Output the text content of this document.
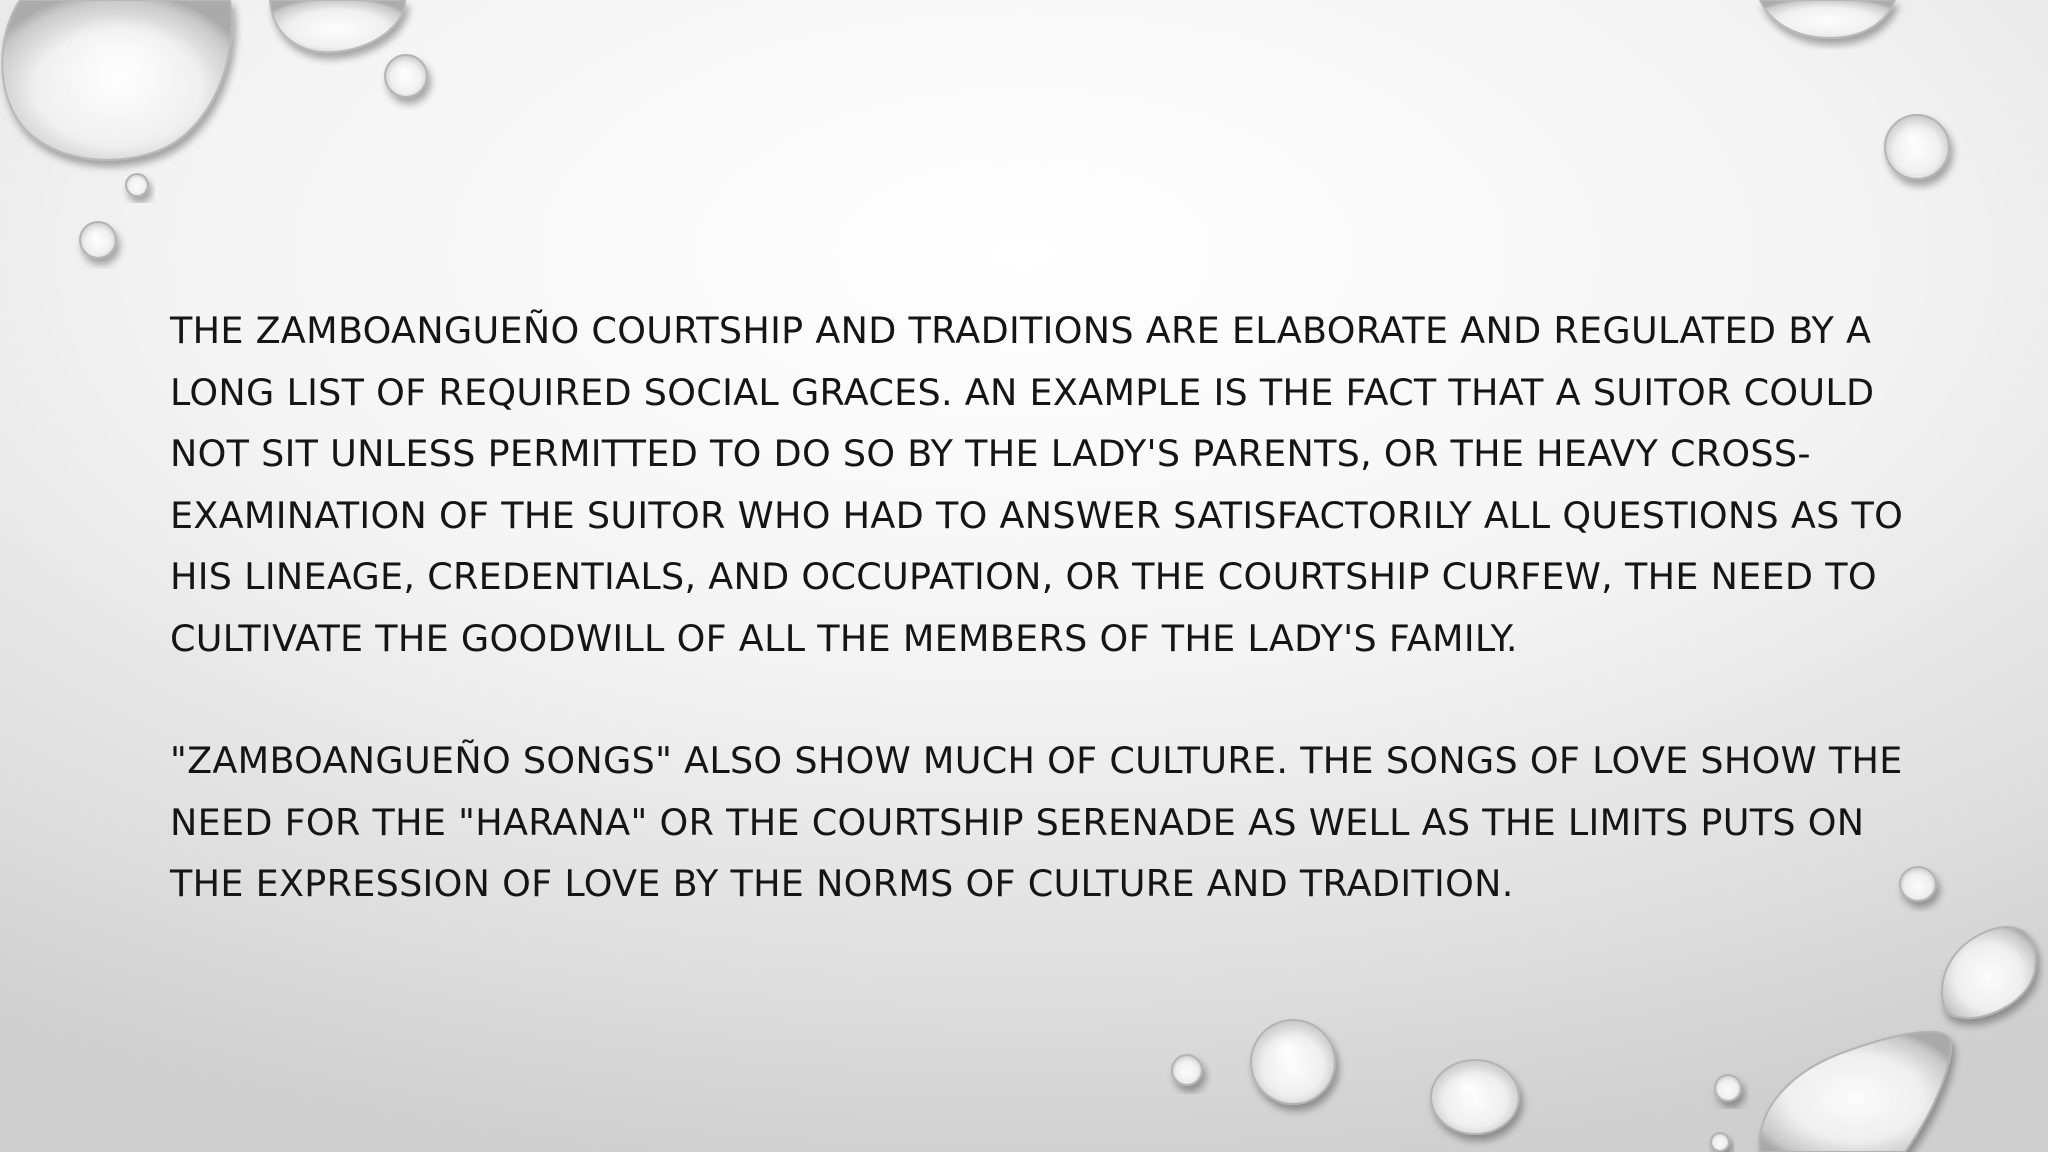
THE ZAMBOANGUEÑO COURTSHIP AND TRADITIONS ARE ELABORATE AND REGULATED BY A LONG LIST OF REQUIRED SOCIAL GRACES. AN EXAMPLE IS THE FACT THAT A SUITOR COULD NOT SIT UNLESS PERMITTED TO DO SO BY THE LADY'S PARENTS, OR THE HEAVY CROSS-EXAMINATION OF THE SUITOR WHO HAD TO ANSWER SATISFACTORILY ALL QUESTIONS AS TO HIS LINEAGE, CREDENTIALS, AND OCCUPATION, OR THE COURTSHIP CURFEW, THE NEED TO CULTIVATE THE GOODWILL OF ALL THE MEMBERS OF THE LADY'S FAMILY.

"ZAMBOANGUEÑO SONGS" ALSO SHOW MUCH OF CULTURE. THE SONGS OF LOVE SHOW THE NEED FOR THE "HARANA" OR THE COURTSHIP SERENADE AS WELL AS THE LIMITS PUTS ON THE EXPRESSION OF LOVE BY THE NORMS OF CULTURE AND TRADITION.
